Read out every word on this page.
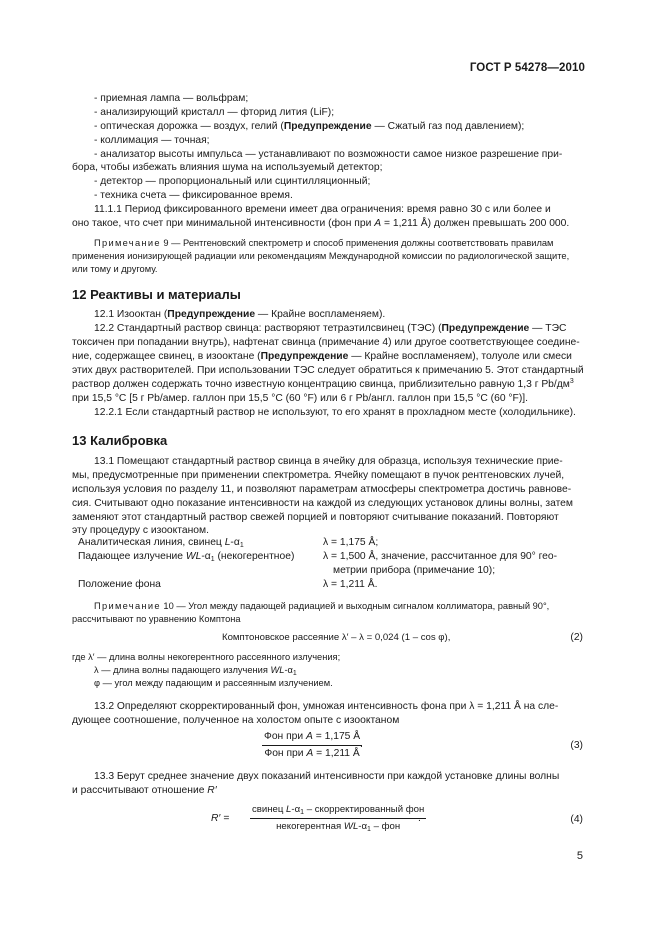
ГОСТ Р 54278—2010
- приемная лампа — вольфрам;
- анализирующий кристалл — фторид лития (LiF);
- оптическая дорожка — воздух, гелий (Предупреждение — Сжатый газ под давлением);
- коллимация — точная;
- анализатор высоты импульса — устанавливают по возможности самое низкое разрешение при-
бора, чтобы избежать влияния шума на используемый детектор;
- детектор — пропорциональный или сцинтилляционный;
- техника счета — фиксированное время.
11.1.1 Период фиксированного времени имеет два ограничения: время равно 30 с или более и
оно такое, что счет при минимальной интенсивности (фон при A = 1,211 Å) должен превышать 200 000.
Примечание 9 — Рентгеновский спектрометр и способ применения должны соответствовать правилам
применения ионизирующей радиации или рекомендациям Международной комиссии по радиологической защите,
или тому и другому.
12 Реактивы и материалы
12.1 Изооктан (Предупреждение — Крайне воспламеняем).
12.2 Стандартный раствор свинца: растворяют тетраэтилсвинец (ТЭС) (Предупреждение — ТЭС
токсичен при попадании внутрь), нафтенат свинца (примечание 4) или другое соответствующее соедине-
ние, содержащее свинец, в изооктане (Предупреждение — Крайне воспламеняем), толуоле или смеси
этих двух растворителей. При использовании ТЭС следует обратиться к примечанию 5. Этот стандартный
раствор должен содержать точно известную концентрацию свинца, приблизительно равную 1,3 г $Pb/дм^3$
при 15,5 °С [5 г Pb/амер. галлон при 15,5 °С (60 °F) или 6 г Pb/англ. галлон при 15,5 °С (60 °F)].
12.2.1 Если стандартный раствор не используют, то его хранят в прохладном месте (холодильнике).
13 Калибровка
13.1 Помещают стандартный раствор свинца в ячейку для образца, используя технические прие-
мы, предусмотренные при применении спектрометра. Ячейку помещают в пучок рентгеновских лучей,
используя условия по разделу 11, и позволяют параметрам атмосферы спектрометра достичь равнове-
сия. Считывают одно показание интенсивности на каждой из следующих установок длины волны, затем
заменяют этот стандартный раствор свежей порцией и повторяют считывание показаний. Повторяют
эту процедуру с изооктаном.
Аналитическая линия, свинец $L-\alpha_1$	λ = 1,175 Å;
Падающее излучение $WL-\alpha_1$ (некогерентное)	λ = 1,500 Å, значение, рассчитанное для 90° гео-
метрии прибора (примечание 10);
Положение фона	λ = 1,211 Å.
Примечание 10 — Угол между падающей радиацией и выходным сигналом коллиматора, равный 90°,
рассчитывают по уравнению Комптона
Комптоновское рассеяние λ′ – λ = 0,024 (1 – cos φ),	(2)
где λ′ — длина волны некогерентного рассеянного излучения;
λ — длина волны падающего излучения $WL-\alpha_1$
φ — угол между падающим и рассеянным излучением.
13.2 Определяют скорректированный фон, умножая интенсивность фона при λ = 1,211 Å на сле-
дующее соотношение, полученное на холостом опыте с изооктаном
Фон при A = 1,175 Å
Фон при A = 1,211 Å
.	(3)
13.3 Берут среднее значение двух показаний интенсивности при каждой установке длины волны
и рассчитывают отношение R′
R′ =
свинец $L-\alpha_1$ – скорректированный фон
некогерентная $WL-\alpha_1$ – фон
.	(4)
5
